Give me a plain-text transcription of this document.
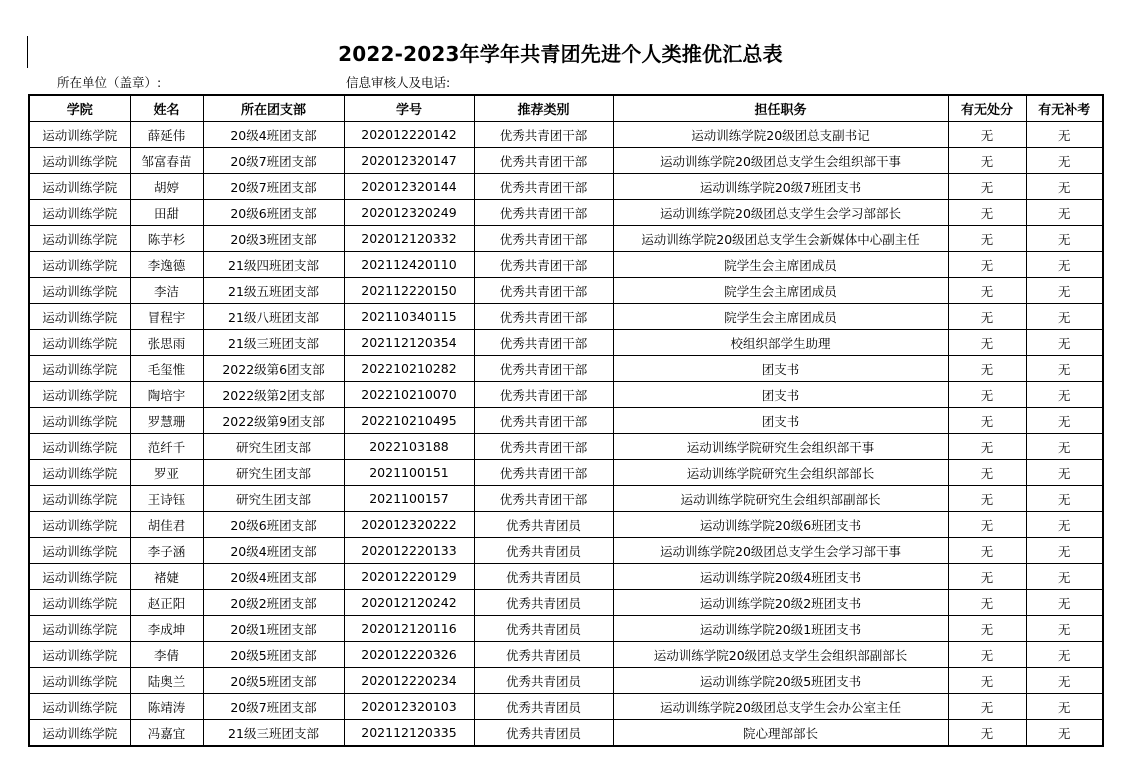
2022-2023年学年共青团先进个人类推优汇总表
所在单位（盖章）:	信息审核人及电话:
学院	姓名	所在团支部	学号	推荐类别	担任职务	有无处分	有无补考
运动训练学院	薛延伟	20级4班团支部	202012220142	优秀共青团干部	运动训练学院20级团总支副书记	无	无
运动训练学院	邹富春苗	20级7班团支部	202012320147	优秀共青团干部	运动训练学院20级团总支学生会组织部干事	无	无
运动训练学院	胡婷	20级7班团支部	202012320144	优秀共青团干部	运动训练学院20级7班团支书	无	无
运动训练学院	田甜	20级6班团支部	202012320249	优秀共青团干部	运动训练学院20级团总支学生会学习部部长	无	无
运动训练学院	陈芋杉	20级3班团支部	202012120332	优秀共青团干部	运动训练学院20级团总支学生会新媒体中心副主任	无	无
运动训练学院	李逸德	21级四班团支部	202112420110	优秀共青团干部	院学生会主席团成员	无	无
运动训练学院	李洁	21级五班团支部	202112220150	优秀共青团干部	院学生会主席团成员	无	无
运动训练学院	冒程宇	21级八班团支部	202110340115	优秀共青团干部	院学生会主席团成员	无	无
运动训练学院	张思雨	21级三班团支部	202112120354	优秀共青团干部	校组织部学生助理	无	无
运动训练学院	毛玺惟	2022级第6团支部	202210210282	优秀共青团干部	团支书	无	无
运动训练学院	陶培宇	2022级第2团支部	202210210070	优秀共青团干部	团支书	无	无
运动训练学院	罗慧珊	2022级第9团支部	202210210495	优秀共青团干部	团支书	无	无
运动训练学院	范纤千	研究生团支部	2022103188	优秀共青团干部	运动训练学院研究生会组织部干事	无	无
运动训练学院	罗亚	研究生团支部	2021100151	优秀共青团干部	运动训练学院研究生会组织部部长	无	无
运动训练学院	王诗钰	研究生团支部	2021100157	优秀共青团干部	运动训练学院研究生会组织部副部长	无	无
运动训练学院	胡佳君	20级6班团支部	202012320222	优秀共青团员	运动训练学院20级6班团支书	无	无
运动训练学院	李子涵	20级4班团支部	202012220133	优秀共青团员	运动训练学院20级团总支学生会学习部干事	无	无
运动训练学院	褚婕	20级4班团支部	202012220129	优秀共青团员	运动训练学院20级4班团支书	无	无
运动训练学院	赵正阳	20级2班团支部	202012120242	优秀共青团员	运动训练学院20级2班团支书	无	无
运动训练学院	李成坤	20级1班团支部	202012120116	优秀共青团员	运动训练学院20级1班团支书	无	无
运动训练学院	李倩	20级5班团支部	202012220326	优秀共青团员	运动训练学院20级团总支学生会组织部副部长	无	无
运动训练学院	陆奥兰	20级5班团支部	202012220234	优秀共青团员	运动训练学院20级5班团支书	无	无
运动训练学院	陈靖涛	20级7班团支部	202012320103	优秀共青团员	运动训练学院20级团总支学生会办公室主任	无	无
运动训练学院	冯嘉宜	21级三班团支部	202112120335	优秀共青团员	院心理部部长	无	无
